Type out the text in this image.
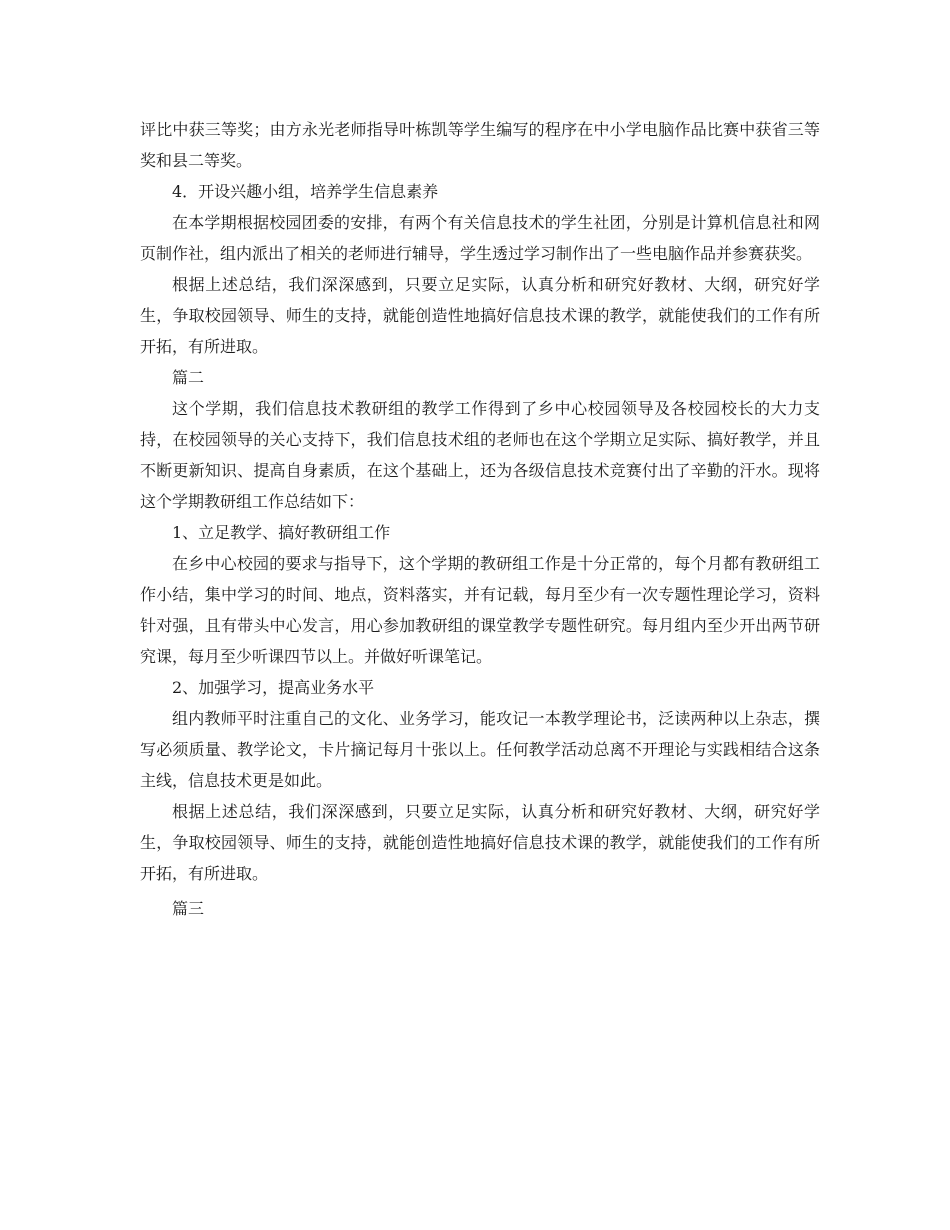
评比中获三等奖；由方永光老师指导叶栋凯等学生编写的程序在中小学电脑作品比赛中获省三等奖和县二等奖。

4．开设兴趣小组，培养学生信息素养

在本学期根据校园团委的安排，有两个有关信息技术的学生社团，分别是计算机信息社和网页制作社，组内派出了相关的老师进行辅导，学生透过学习制作出了一些电脑作品并参赛获奖。

根据上述总结，我们深深感到，只要立足实际，认真分析和研究好教材、大纲，研究好学生，争取校园领导、师生的支持，就能创造性地搞好信息技术课的教学，就能使我们的工作有所开拓，有所进取。

篇二

这个学期，我们信息技术教研组的教学工作得到了乡中心校园领导及各校园校长的大力支持，在校园领导的关心支持下，我们信息技术组的老师也在这个学期立足实际、搞好教学，并且不断更新知识、提高自身素质，在这个基础上，还为各级信息技术竞赛付出了辛勤的汗水。现将这个学期教研组工作总结如下：

1、立足教学、搞好教研组工作

在乡中心校园的要求与指导下，这个学期的教研组工作是十分正常的，每个月都有教研组工作小结，集中学习的时间、地点，资料落实，并有记载，每月至少有一次专题性理论学习，资料针对强，且有带头中心发言，用心参加教研组的课堂教学专题性研究。每月组内至少开出两节研究课，每月至少听课四节以上。并做好听课笔记。

2、加强学习，提高业务水平

组内教师平时注重自己的文化、业务学习，能攻记一本教学理论书，泛读两种以上杂志，撰写必须质量、教学论文，卡片摘记每月十张以上。任何教学活动总离不开理论与实践相结合这条主线，信息技术更是如此。

根据上述总结，我们深深感到，只要立足实际，认真分析和研究好教材、大纲，研究好学生，争取校园领导、师生的支持，就能创造性地搞好信息技术课的教学，就能使我们的工作有所开拓，有所进取。

篇三
